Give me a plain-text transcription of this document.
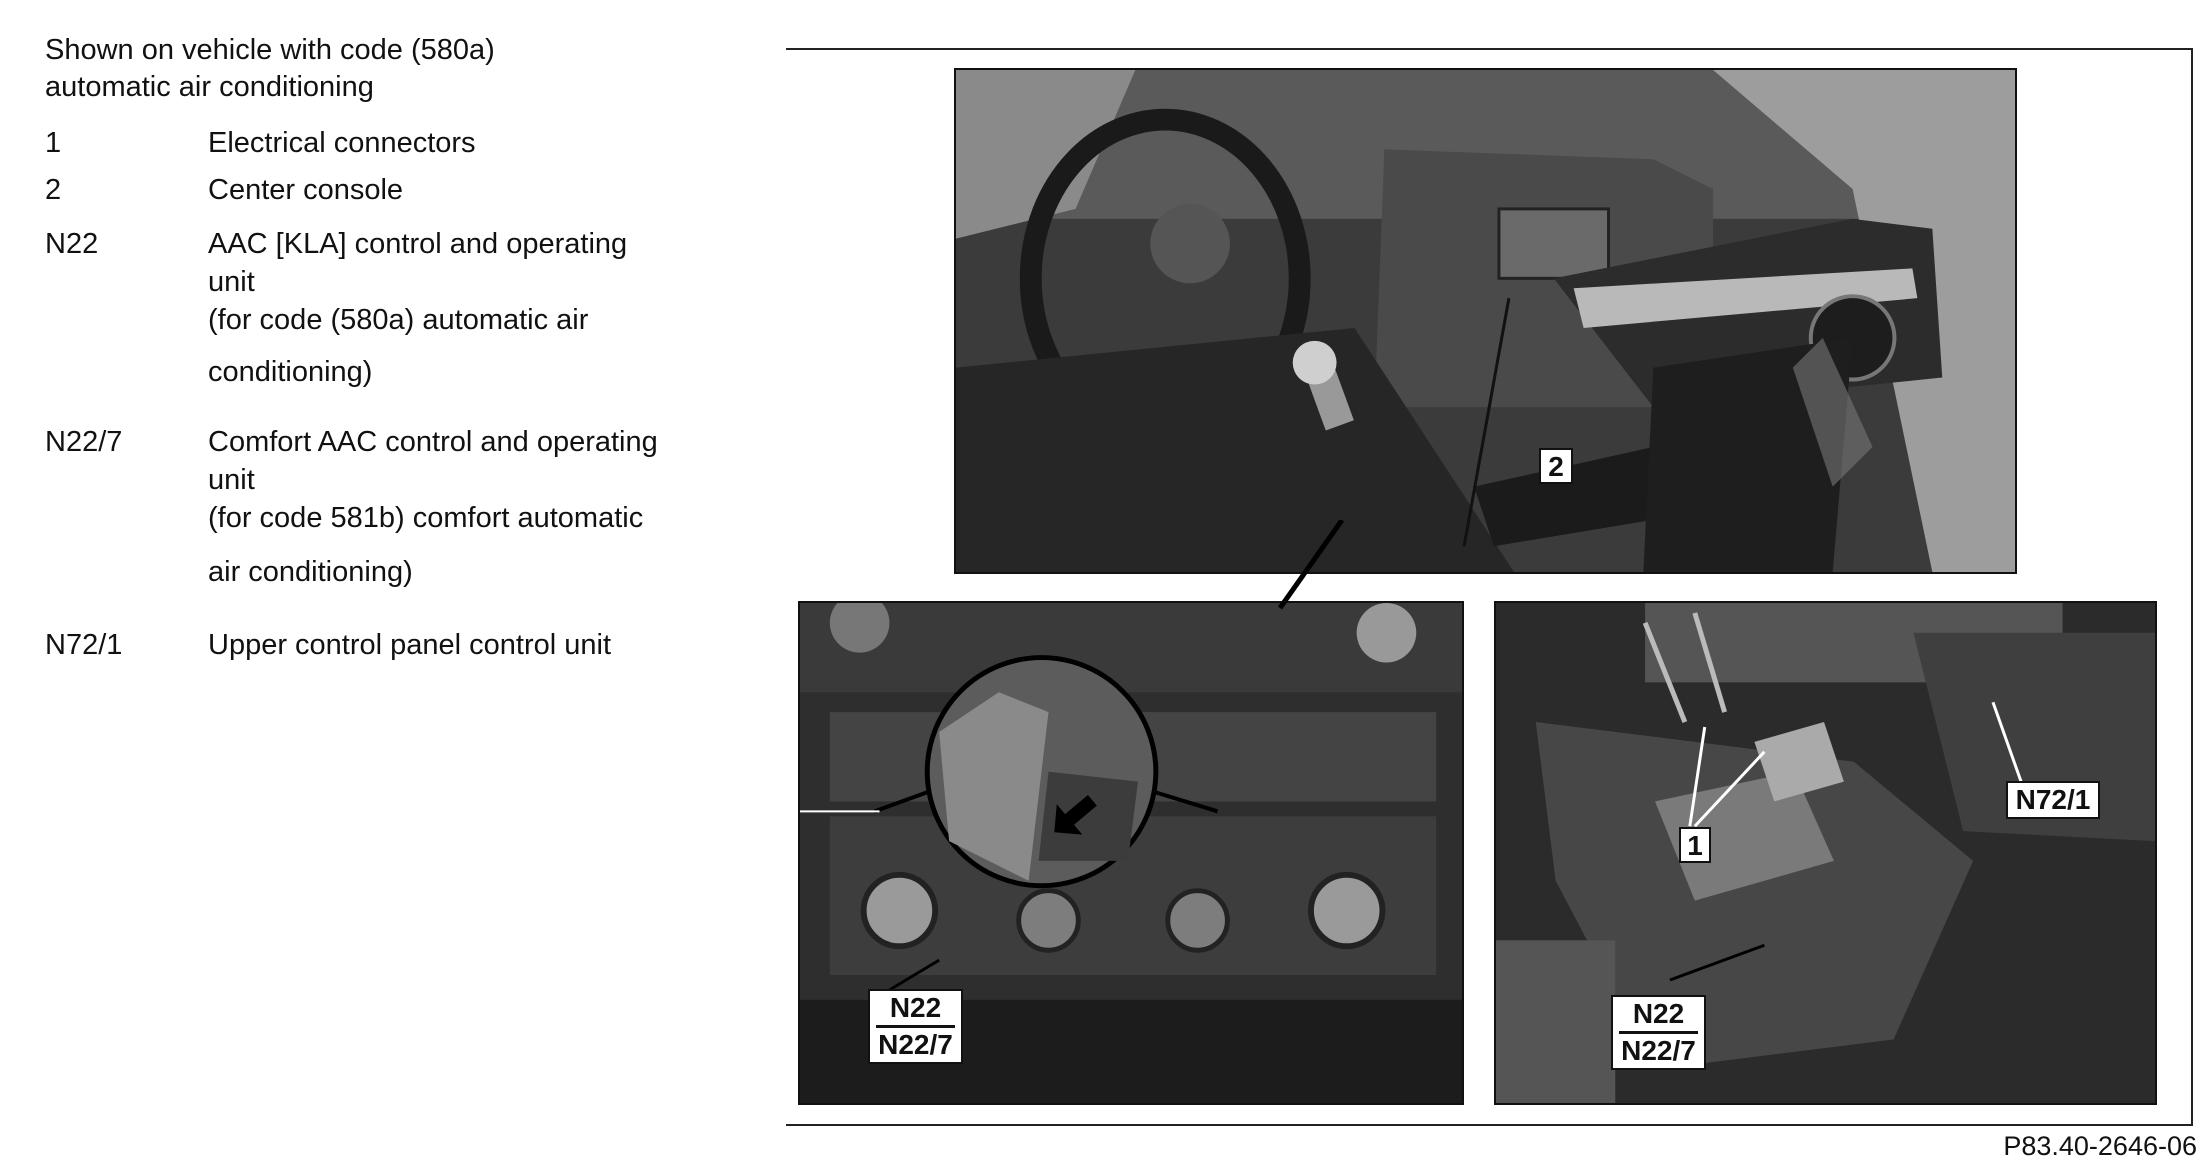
Shown on vehicle with code (580a)
automatic air conditioning
1	Electrical connectors
2	Center console
N22	AAC [KLA] control and operating
unit
(for code (580a) automatic air
conditioning)
N22/7	Comfort AAC control and operating
unit
(for code 581b) comfort automatic
air conditioning)
N72/1	Upper control panel control unit
2
N22
N22/7
1
N72/1
N22
N22/7
P83.40-2646-06
